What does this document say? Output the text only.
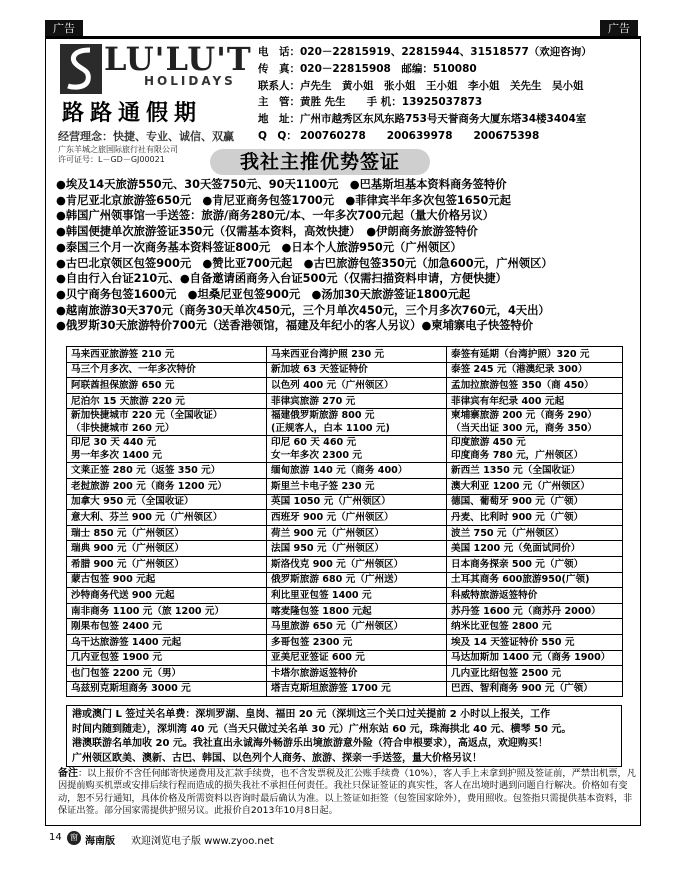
广告	广告
LU'LU'T
HOLIDAYS
路路通假期
经营理念：快捷、专业、诚信、双赢
广东羊城之旅国际旅行社有限公司
许可证号：L－GD－GJ00021
电　话：020－22815919、22815944、31518577（欢迎咨询）
传　真：020－22815908　邮编：510080
联系人：卢先生　黄小姐　张小姐　王小姐　李小姐　关先生　吴小姐
主　管：黄胜 先生　　手 机：13925037873
地　址：广州市越秀区东风东路753号天誉商务大厦东塔34楼3404室
Q　Q： 200760278　　200639978　　200675398
我社主推优势签证
●埃及14天旅游550元、30天签750元、90天1100元　●巴基斯坦基本资料商务签特价
●肯尼亚北京旅游签650元　●肯尼亚商务包签1700元　●菲律宾半年多次包签1650元起
●韩国广州领事馆一手送签：旅游/商务280元/本、一年多次700元起（量大价格另议）
●韩国便捷单次旅游签证350元（仅需基本资料，高效快捷）　●伊朗商务旅游签特价
●泰国三个月一次商务基本资料签证800元　●日本个人旅游950元（广州领区）
●古巴北京领区包签900元　●赞比亚700元起　●古巴旅游包签350元（加急600元，广州领区）
●自由行入台证210元、●自备邀请函商务入台证500元（仅需扫描资料申请，方便快捷）
●贝宁商务包签1600元　●坦桑尼亚包签900元　●汤加30天旅游签证1800元起
●越南旅游30天370元（商务30天单次450元，三个月单次450元，三个月多次760元，4天出）
●俄罗斯30天旅游特价700元（送香港领馆，福建及年纪小的客人另议）●柬埔寨电子快签特价
马来西亚旅游签 210 元	马来西亚台湾护照 230 元	泰签有延期（台湾护照）320 元

马三个月多次、一年多次特价	新加坡 63 天签证特价	泰签 245 元（港澳纪录 300）

阿联酋担保旅游 650 元	以色列 400 元（广州领区）	孟加拉旅游包签 350（商 450）

尼泊尔 15 天旅游 220 元	菲律宾旅游 270 元	菲律宾有年纪录 400 元起

新加快捷城市 220 元（全国收证）
（非快捷城市 260 元）	福建俄罗斯旅游 800 元
(正规客人，白本 1100 元)	柬埔寨旅游 200 元（商务 290）
（当天出证 300 元，商务 350）

印尼 30 天 440 元
男一年多次 1400 元	印尼 60 天 460 元
女一年多次 2300 元	印度旅游 450 元
印度商务 780 元，广州领区）

文莱正签 280 元（返签 350 元）	缅甸旅游 140 元（商务 400）	新西兰 1350 元（全国收证）

老挝旅游 200 元（商务 1200 元）	斯里兰卡电子签 230 元	澳大利亚 1200 元（广州领区）

加拿大 950 元（全国收证）	英国 1050 元（广州领区）	德国、葡萄牙 900 元（广领）

意大利、芬兰 900 元（广州领区）	西班牙 900 元（广州领区）	丹麦、比利时 900 元（广领）

瑞士 850 元（广州领区）	荷兰 900 元（广州领区）	波兰 750 元（广州领区）

瑞典 900 元（广州领区）	法国 950 元（广州领区）	美国 1200 元（免面试同价）

希腊 900 元（广州领区）	斯洛伐克 900 元（广州领区）	日本商务探亲 500 元（广领）

蒙古包签 900 元起	俄罗斯旅游 680 元（广州送）	土耳其商务 600旅游950(广领)

沙特商务代送 900 元起	利比里亚包签 1400 元	科威特旅游返签特价

南非商务 1100 元（旅 1200 元）	喀麦隆包签 1800 元起	苏丹签 1600 元（商苏丹 2000）

刚果布包签 2400 元	马里旅游 650 元（广州领区）	纳米比亚包签 2800 元

乌干达旅游签 1400 元起	多哥包签 2300 元	埃及 14 天签证特价 550 元

几内亚包签 1900 元	亚美尼亚签证 600 元	马达加斯加 1400 元（商务 1900）

也门包签 2200 元（男）	卡塔尔旅游返签特价	几内亚比绍包签 2500 元

乌兹别克斯坦商务 3000 元	塔吉克斯坦旅游签 1700 元	巴西、智利商务 900 元（广领）
港或澳门 L 签过关名单费：深圳罗湖、皇岗、福田 20 元（深圳这三个关口过关提前 2 小时以上报关，工作
时间内随到随走），深圳湾 40 元（当天只做过关名单 30 元）广州东站 60 元，珠海拱北 40 元、横琴 50 元。
港澳联游名单加收 20 元。我社直出永诚海外畅游乐出境旅游意外险（符合申根要求），高返点，欢迎购买！
广州领区欧美、澳新、古巴、韩国、以色列个人商务、旅游、探亲一手送签，量大价格另议！
备注：以上报价不含任何邮寄快递费用及汇款手续费，也不含发票税及汇公账手续费（10%），客人手上未拿到护照及签证前，严禁出机票，凡因提前购买机票或安排后续行程而造成的损失我社不承担任何责任。我社只保证签证的真实性，客人在出境时遇到问题自行解决。价格如有变动，恕不另行通知，具体价格及所需资料以咨询时最后确认为准。以上签证如拒签（包签国家除外），费用照收。包签指只需提供基本资料，非保证出签。部分国家需提供护照另议。此报价自2013年10月8日起。
14	窗 海南版 欢迎浏览电子版 www.zyoo.net
